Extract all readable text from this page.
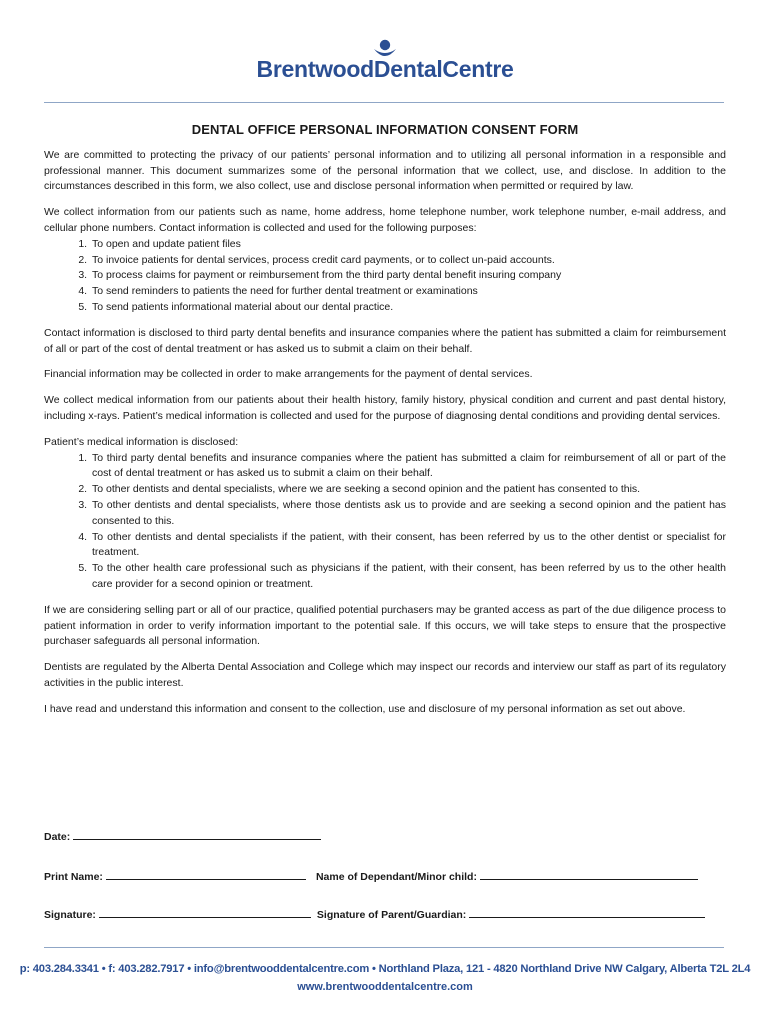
BrentwoodDentalCentre
DENTAL OFFICE PERSONAL INFORMATION CONSENT FORM

We are committed to protecting the privacy of our patients’ personal information and to utilizing all personal information in a responsible and professional manner. This document summarizes some of the personal information that we collect, use, and disclose. In addition to the circumstances described in this form, we also collect, use and disclose personal information when permitted or required by law.

We collect information from our patients such as name, home address, home telephone number, work telephone number, e-mail address, and cellular phone numbers. Contact information is collected and used for the following purposes:

1. To open and update patient files
2. To invoice patients for dental services, process credit card payments, or to collect un-paid accounts.
3. To process claims for payment or reimbursement from the third party dental benefit insuring company
4. To send reminders to patients the need for further dental treatment or examinations
5. To send patients informational material about our dental practice.

Contact information is disclosed to third party dental benefits and insurance companies where the patient has submitted a claim for reimbursement of all or part of the cost of dental treatment or has asked us to submit a claim on their behalf.

Financial information may be collected in order to make arrangements for the payment of dental services.

We collect medical information from our patients about their health history, family history, physical condition and current and past dental history, including x-rays. Patient’s medical information is collected and used for the purpose of diagnosing dental conditions and providing dental services.

Patient’s medical information is disclosed:

1. To third party dental benefits and insurance companies where the patient has submitted a claim for reimbursement of all or part of the cost of dental treatment or has asked us to submit a claim on their behalf.
2. To other dentists and dental specialists, where we are seeking a second opinion and the patient has consented to this.
3. To other dentists and dental specialists, where those dentists ask us to provide and are seeking a second opinion and the patient has consented to this.
4. To other dentists and dental specialists if the patient, with their consent, has been referred by us to the other dentist or specialist for treatment.
5. To the other health care professional such as physicians if the patient, with their consent, has been referred by us to the other health care provider for a second opinion or treatment.

If we are considering selling part or all of our practice, qualified potential purchasers may be granted access as part of the due diligence process to patient information in order to verify information important to the potential sale. If this occurs, we will take steps to ensure that the prospective purchaser safeguards all personal information.

Dentists are regulated by the Alberta Dental Association and College which may inspect our records and interview our staff as part of its regulatory activities in the public interest.

I have read and understand this information and consent to the collection, use and disclosure of my personal information as set out above.

Date:
Print Name:	Name of Dependant/Minor child:
Signature:	Signature of Parent/Guardian:
p: 403.284.3341 • f: 403.282.7917 • info@brentwooddentalcentre.com • Northland Plaza, 121 - 4820 Northland Drive NW Calgary, Alberta T2L 2L4
www.brentwooddentalcentre.com
